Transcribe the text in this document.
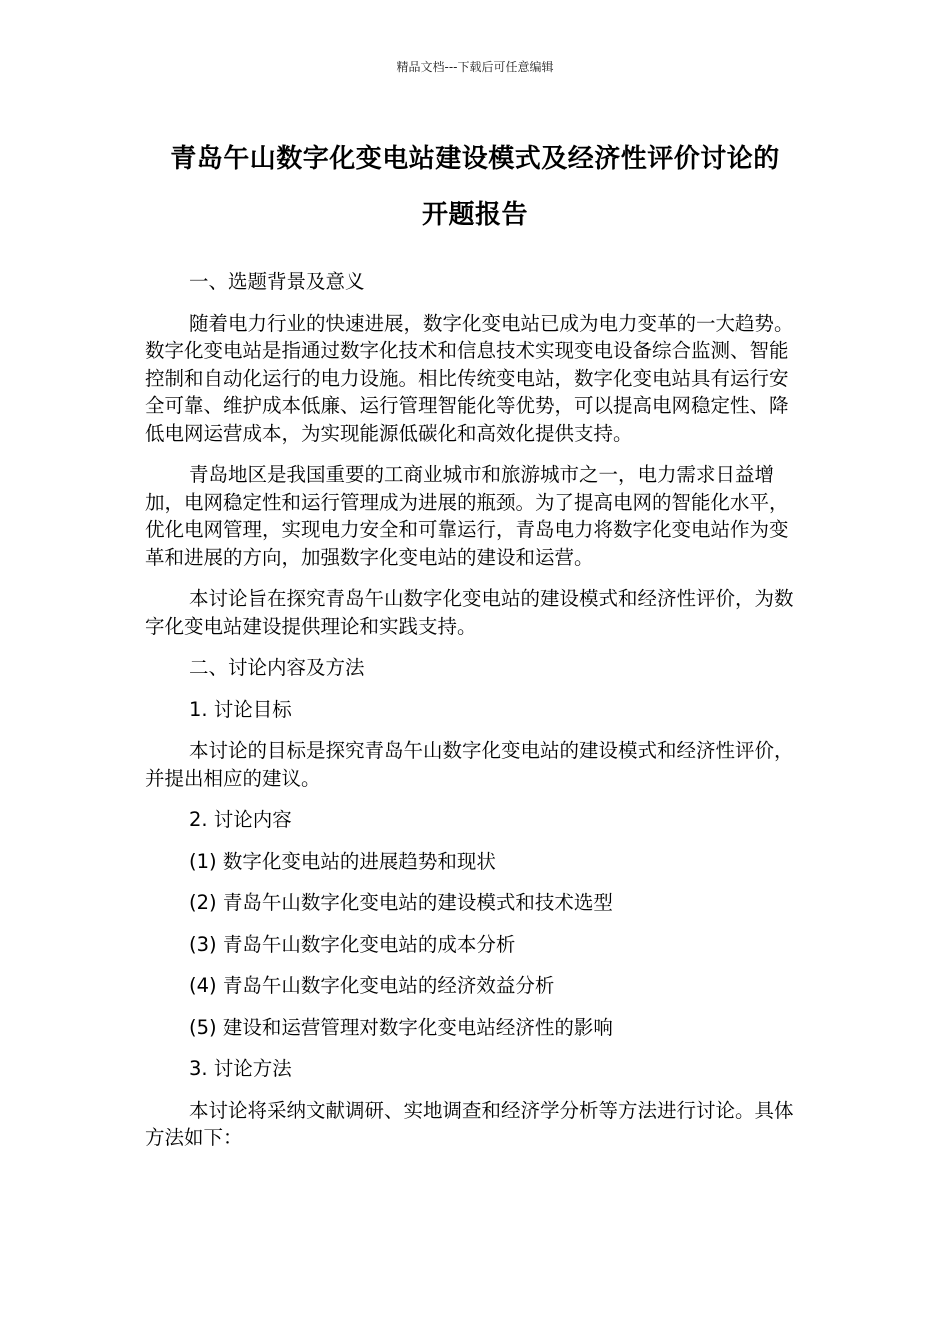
精品文档---下载后可任意编辑
青岛午山数字化变电站建设模式及经济性评价讨论的
开题报告
一、选题背景及意义

随着电力行业的快速进展，数字化变电站已成为电力变革的一大趋势。数字化变电站是指通过数字化技术和信息技术实现变电设备综合监测、智能控制和自动化运行的电力设施。相比传统变电站，数字化变电站具有运行安全可靠、维护成本低廉、运行管理智能化等优势，可以提高电网稳定性、降低电网运营成本，为实现能源低碳化和高效化提供支持。

青岛地区是我国重要的工商业城市和旅游城市之一，电力需求日益增加，电网稳定性和运行管理成为进展的瓶颈。为了提高电网的智能化水平，优化电网管理，实现电力安全和可靠运行，青岛电力将数字化变电站作为变革和进展的方向，加强数字化变电站的建设和运营。

本讨论旨在探究青岛午山数字化变电站的建设模式和经济性评价，为数字化变电站建设提供理论和实践支持。

二、讨论内容及方法
1. 讨论目标

本讨论的目标是探究青岛午山数字化变电站的建设模式和经济性评价，并提出相应的建议。

2. 讨论内容
(1) 数字化变电站的进展趋势和现状
(2) 青岛午山数字化变电站的建设模式和技术选型
(3) 青岛午山数字化变电站的成本分析
(4) 青岛午山数字化变电站的经济效益分析
(5) 建设和运营管理对数字化变电站经济性的影响
3. 讨论方法

本讨论将采纳文献调研、实地调查和经济学分析等方法进行讨论。具体方法如下：
